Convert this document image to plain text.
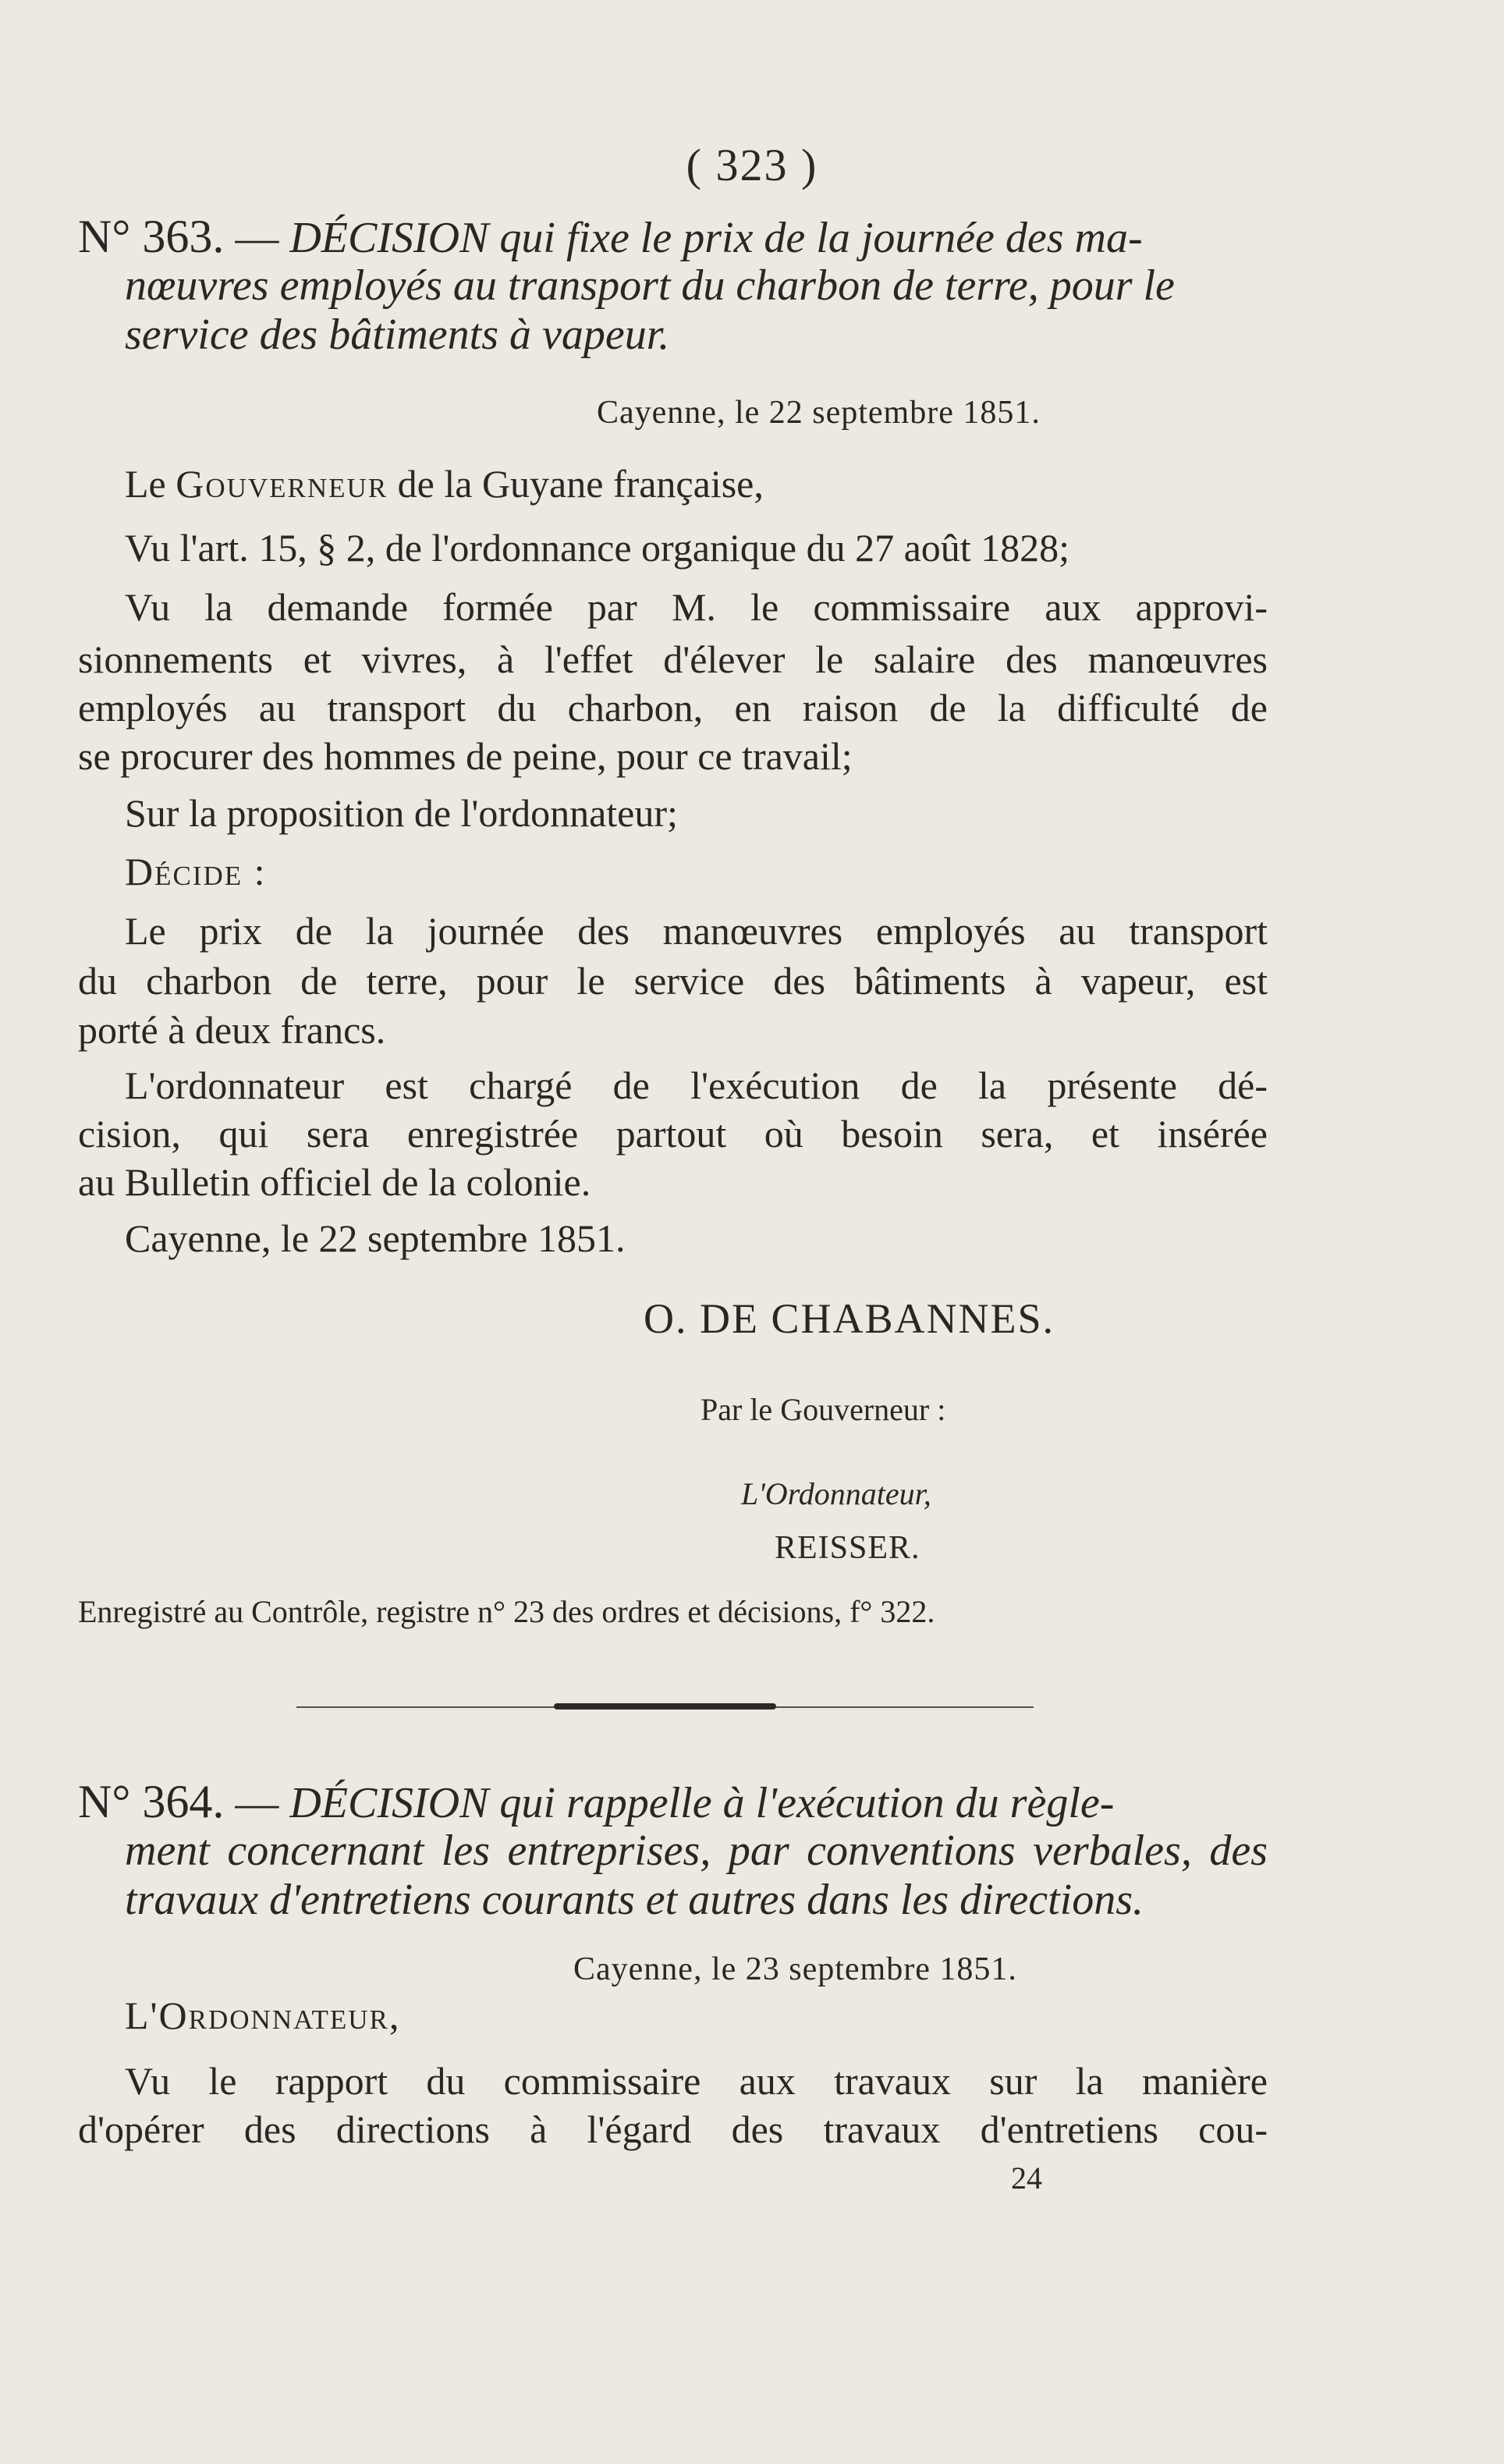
( 323 )
N° 363. — DÉCISION qui fixe le prix de la journée des ma-
nœuvres employés au transport du charbon de terre, pour le
service des bâtiments à vapeur.
Cayenne, le 22 septembre 1851.
Le Gouverneur de la Guyane française,
Vu l'art. 15, § 2, de l'ordonnance organique du 27 août 1828;
Vu la demande formée par M. le commissaire aux approvi-
sionnements et vivres, à l'effet d'élever le salaire des manœuvres
employés au transport du charbon, en raison de la difficulté de
se procurer des hommes de peine, pour ce travail;
Sur la proposition de l'ordonnateur;
Décide :
Le prix de la journée des manœuvres employés au transport
du charbon de terre, pour le service des bâtiments à vapeur, est
porté à deux francs.
L'ordonnateur est chargé de l'exécution de la présente dé-
cision, qui sera enregistrée partout où besoin sera, et insérée
au Bulletin officiel de la colonie.
Cayenne, le 22 septembre 1851.
O. DE CHABANNES.
Par le Gouverneur :
L'Ordonnateur,
REISSER.
Enregistré au Contrôle, registre n° 23 des ordres et décisions, f° 322.
N° 364. — DÉCISION qui rappelle à l'exécution du règle-
ment concernant les entreprises, par conventions verbales, des
travaux d'entretiens courants et autres dans les directions.
Cayenne, le 23 septembre 1851.
L'Ordonnateur,
Vu le rapport du commissaire aux travaux sur la manière
d'opérer des directions à l'égard des travaux d'entretiens cou-
24
